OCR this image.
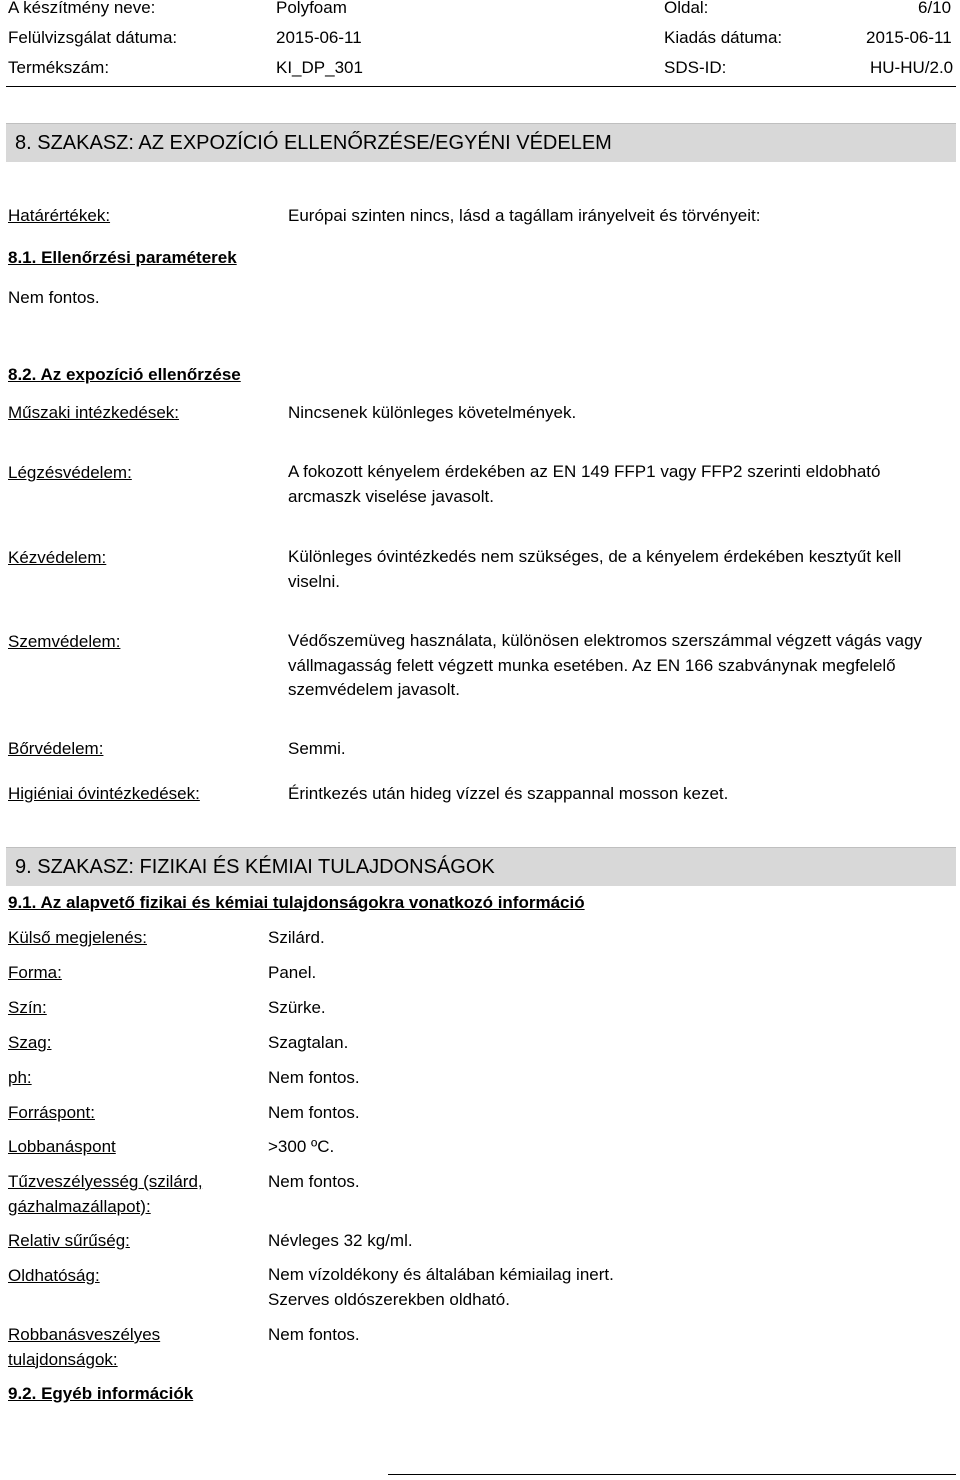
A készítmény neve:	Polyfoam	Oldal:	6/10
Felülvizsgálat dátuma:	2015-06-11	Kiadás dátuma:	2015-06-11
Termékszám:	KI_DP_301	SDS-ID:	HU-HU/2.0
8. SZAKASZ: AZ EXPOZÍCIÓ ELLENŐRZÉSE/EGYÉNI VÉDELEM
Határértékek:	Európai szinten nincs, lásd a tagállam irányelveit és törvényeit:
8.1. Ellenőrzési paraméterek
Nem fontos.
8.2. Az expozíció ellenőrzése
Műszaki intézkedések:	Nincsenek különleges követelmények.
Légzésvédelem:	A fokozott kényelem érdekében az EN 149 FFP1 vagy FFP2 szerinti eldobható arcmaszk viselése javasolt.
Kézvédelem:	Különleges óvintézkedés nem szükséges, de a kényelem érdekében kesztyűt kell viselni.
Szemvédelem:	Védőszemüveg használata, különösen elektromos szerszámmal végzett vágás vagy vállmagasság felett végzett munka esetében. Az EN 166 szabványnak megfelelő szemvédelem javasolt.
Bőrvédelem:	Semmi.
Higiéniai óvintézkedések:	Érintkezés után hideg vízzel és szappannal mosson kezet.
9. SZAKASZ: FIZIKAI ÉS KÉMIAI TULAJDONSÁGOK
9.1. Az alapvető fizikai és kémiai tulajdonságokra vonatkozó információ
Külső megjelenés:	Szilárd.
Forma:	Panel.
Szín:	Szürke.
Szag:	Szagtalan.
ph:	Nem fontos.
Forráspont:	Nem fontos.
Lobbanáspont	>300 ºC.
Tűzveszélyesség (szilárd, gázhalmazállapot):
Nem fontos.
Relativ sűrűség:	Névleges 32 kg/ml.
Oldhatóság:	Nem vízoldékony és általában kémiailag inert. Szerves oldószerekben oldható.
Robbanásveszélyes tulajdonságok:
Nem fontos.
9.2. Egyéb információk
